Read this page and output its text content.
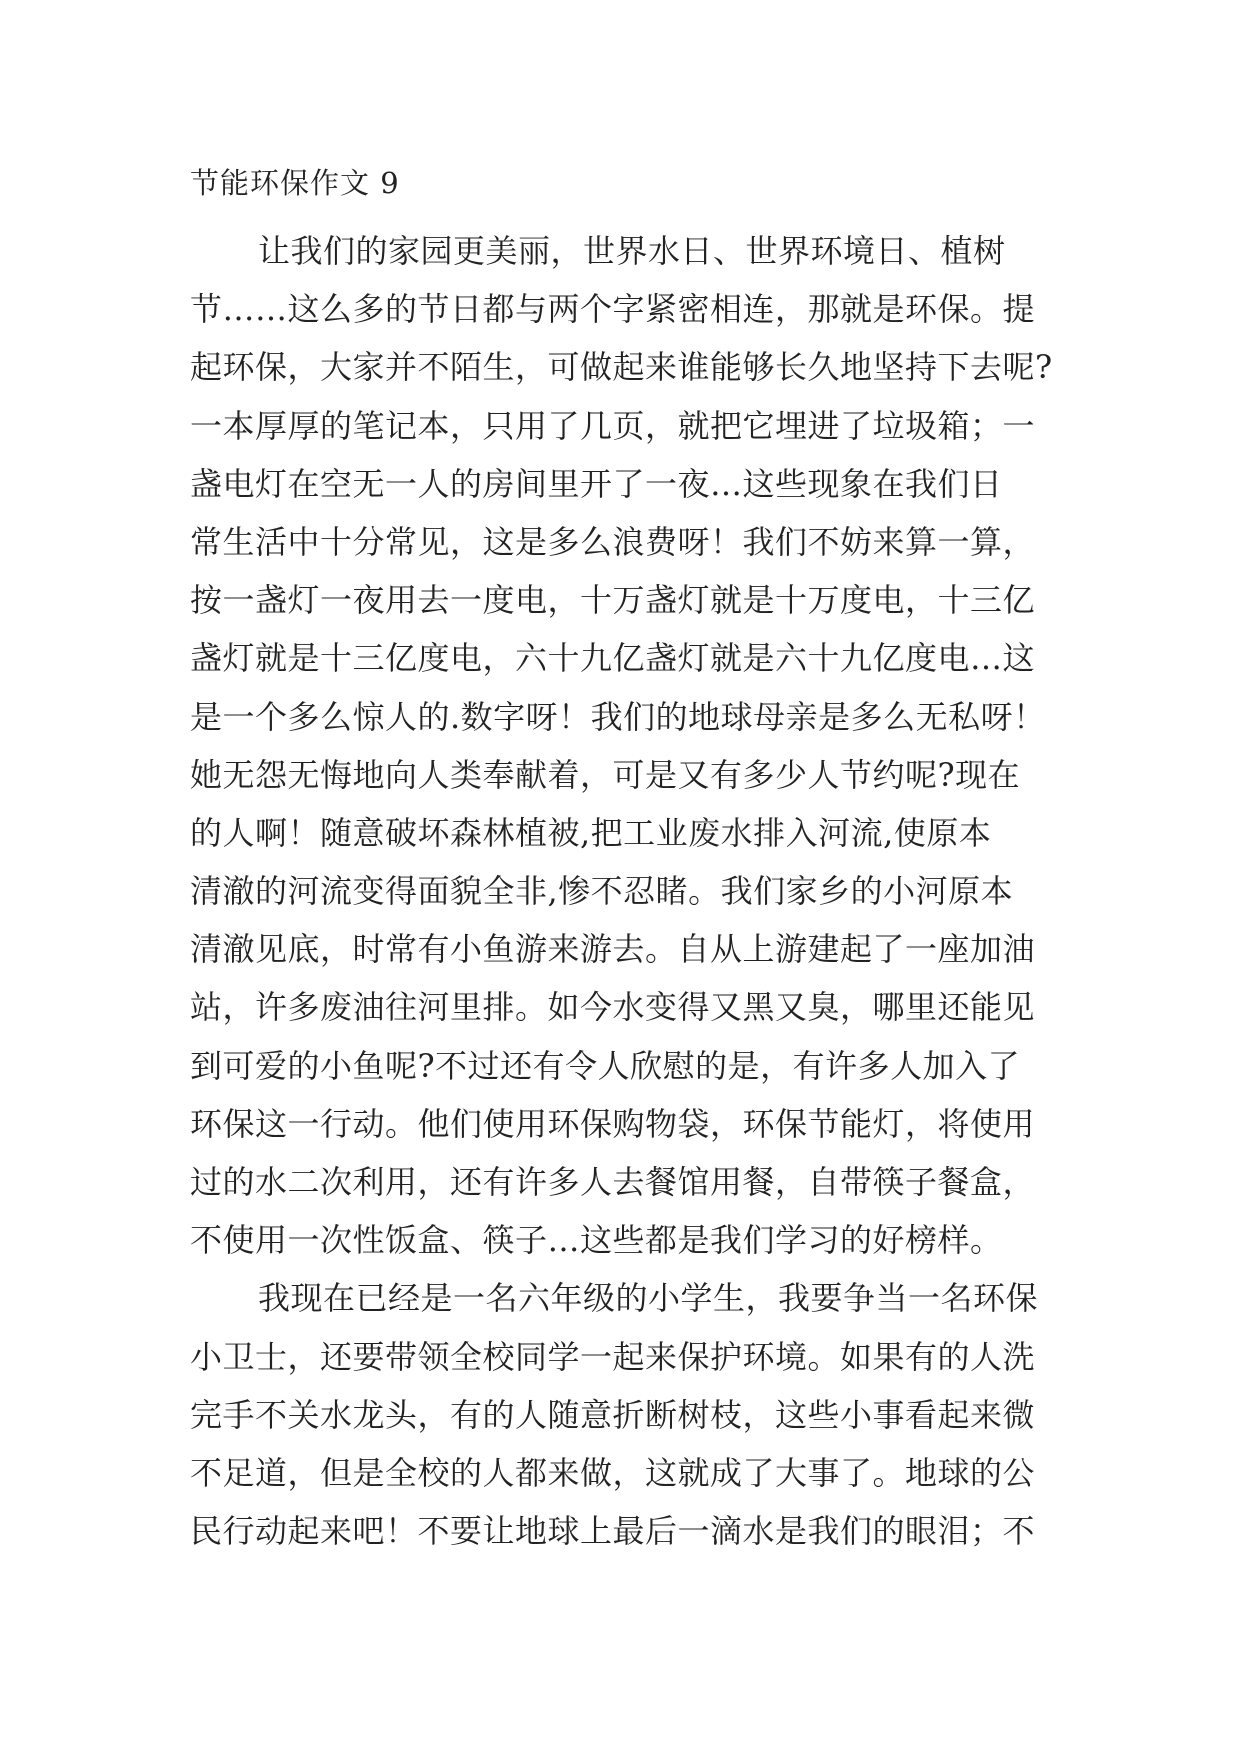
节能环保作文 9
让我们的家园更美丽，世界水日、世界环境日、植树
节……这么多的节日都与两个字紧密相连，那就是环保。提
起环保，大家并不陌生，可做起来谁能够长久地坚持下去呢?
一本厚厚的笔记本，只用了几页，就把它埋进了垃圾箱；一
盏电灯在空无一人的房间里开了一夜…这些现象在我们日
常生活中十分常见，这是多么浪费呀！我们不妨来算一算，
按一盏灯一夜用去一度电，十万盏灯就是十万度电，十三亿
盏灯就是十三亿度电，六十九亿盏灯就是六十九亿度电…这
是一个多么惊人的.数字呀！我们的地球母亲是多么无私呀！
她无怨无悔地向人类奉献着，可是又有多少人节约呢?现在
的人啊！随意破坏森林植被,把工业废水排入河流,使原本
清澈的河流变得面貌全非,惨不忍睹。我们家乡的小河原本
清澈见底，时常有小鱼游来游去。自从上游建起了一座加油
站，许多废油往河里排。如今水变得又黑又臭，哪里还能见
到可爱的小鱼呢?不过还有令人欣慰的是，有许多人加入了
环保这一行动。他们使用环保购物袋，环保节能灯，将使用
过的水二次利用，还有许多人去餐馆用餐，自带筷子餐盒，
不使用一次性饭盒、筷子…这些都是我们学习的好榜样。
我现在已经是一名六年级的小学生，我要争当一名环保
小卫士，还要带领全校同学一起来保护环境。如果有的人洗
完手不关水龙头，有的人随意折断树枝，这些小事看起来微
不足道，但是全校的人都来做，这就成了大事了。地球的公
民行动起来吧！不要让地球上最后一滴水是我们的眼泪；不
